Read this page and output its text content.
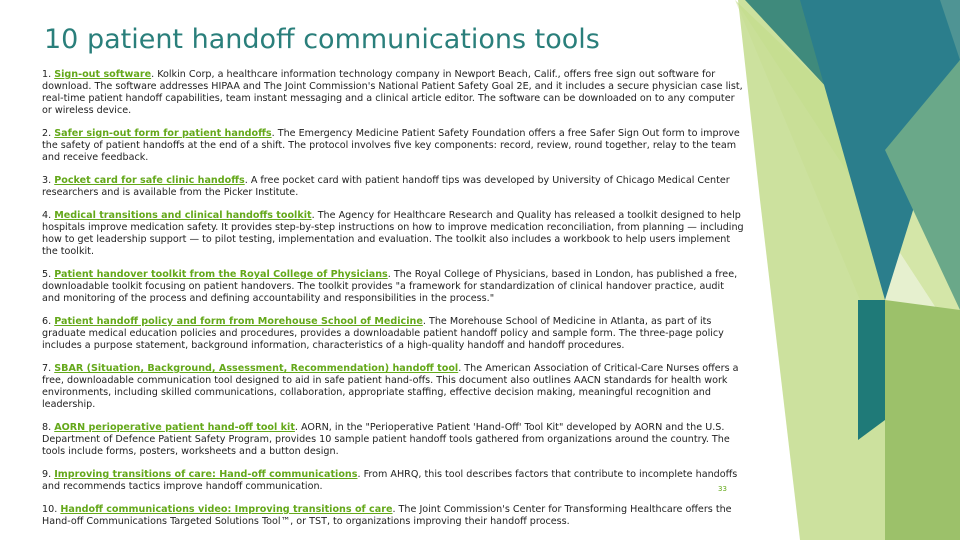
10 patient handoff communications tools

1. Sign-out software. Kolkin Corp, a healthcare information technology company in Newport Beach, Calif., offers free sign out software for download. The software addresses HIPAA and The Joint Commission's National Patient Safety Goal 2E, and it includes a secure physician case list, real-time patient handoff capabilities, team instant messaging and a clinical article editor. The software can be downloaded on to any computer or wireless device.

2. Safer sign-out form for patient handoffs. The Emergency Medicine Patient Safety Foundation offers a free Safer Sign Out form to improve the safety of patient handoffs at the end of a shift. The protocol involves five key components: record, review, round together, relay to the team and receive feedback.

3. Pocket card for safe clinic handoffs. A free pocket card with patient handoff tips was developed by University of Chicago Medical Center researchers and is available from the Picker Institute.

4. Medical transitions and clinical handoffs toolkit. The Agency for Healthcare Research and Quality has released a toolkit designed to help hospitals improve medication safety. It provides step-by-step instructions on how to improve medication reconciliation, from planning — including how to get leadership support — to pilot testing, implementation and evaluation. The toolkit also includes a workbook to help users implement the toolkit.

5. Patient handover toolkit from the Royal College of Physicians. The Royal College of Physicians, based in London, has published a free, downloadable toolkit focusing on patient handovers. The toolkit provides "a framework for standardization of clinical handover practice, audit and monitoring of the process and defining accountability and responsibilities in the process."

6. Patient handoff policy and form from Morehouse School of Medicine. The Morehouse School of Medicine in Atlanta, as part of its graduate medical education policies and procedures, provides a downloadable patient handoff policy and sample form. The three-page policy includes a purpose statement, background information, characteristics of a high-quality handoff and handoff procedures.

7. SBAR (Situation, Background, Assessment, Recommendation) handoff tool. The American Association of Critical-Care Nurses offers a free, downloadable communication tool designed to aid in safe patient hand-offs. This document also outlines AACN standards for health work environments, including skilled communications, collaboration, appropriate staffing, effective decision making, meaningful recognition and leadership.

8. AORN perioperative patient hand-off tool kit. AORN, in the "Perioperative Patient 'Hand-Off' Tool Kit" developed by AORN and the U.S. Department of Defence Patient Safety Program, provides 10 sample patient handoff tools gathered from organizations around the country. The tools include forms, posters, worksheets and a button design.

9. Improving transitions of care: Hand-off communications. From AHRQ, this tool describes factors that contribute to incomplete handoffs and recommends tactics improve handoff communication.

10. Handoff communications video: Improving transitions of care. The Joint Commission's Center for Transforming Healthcare offers the Hand-off Communications Targeted Solutions Tool™, or TST, to organizations improving their handoff process.

33
